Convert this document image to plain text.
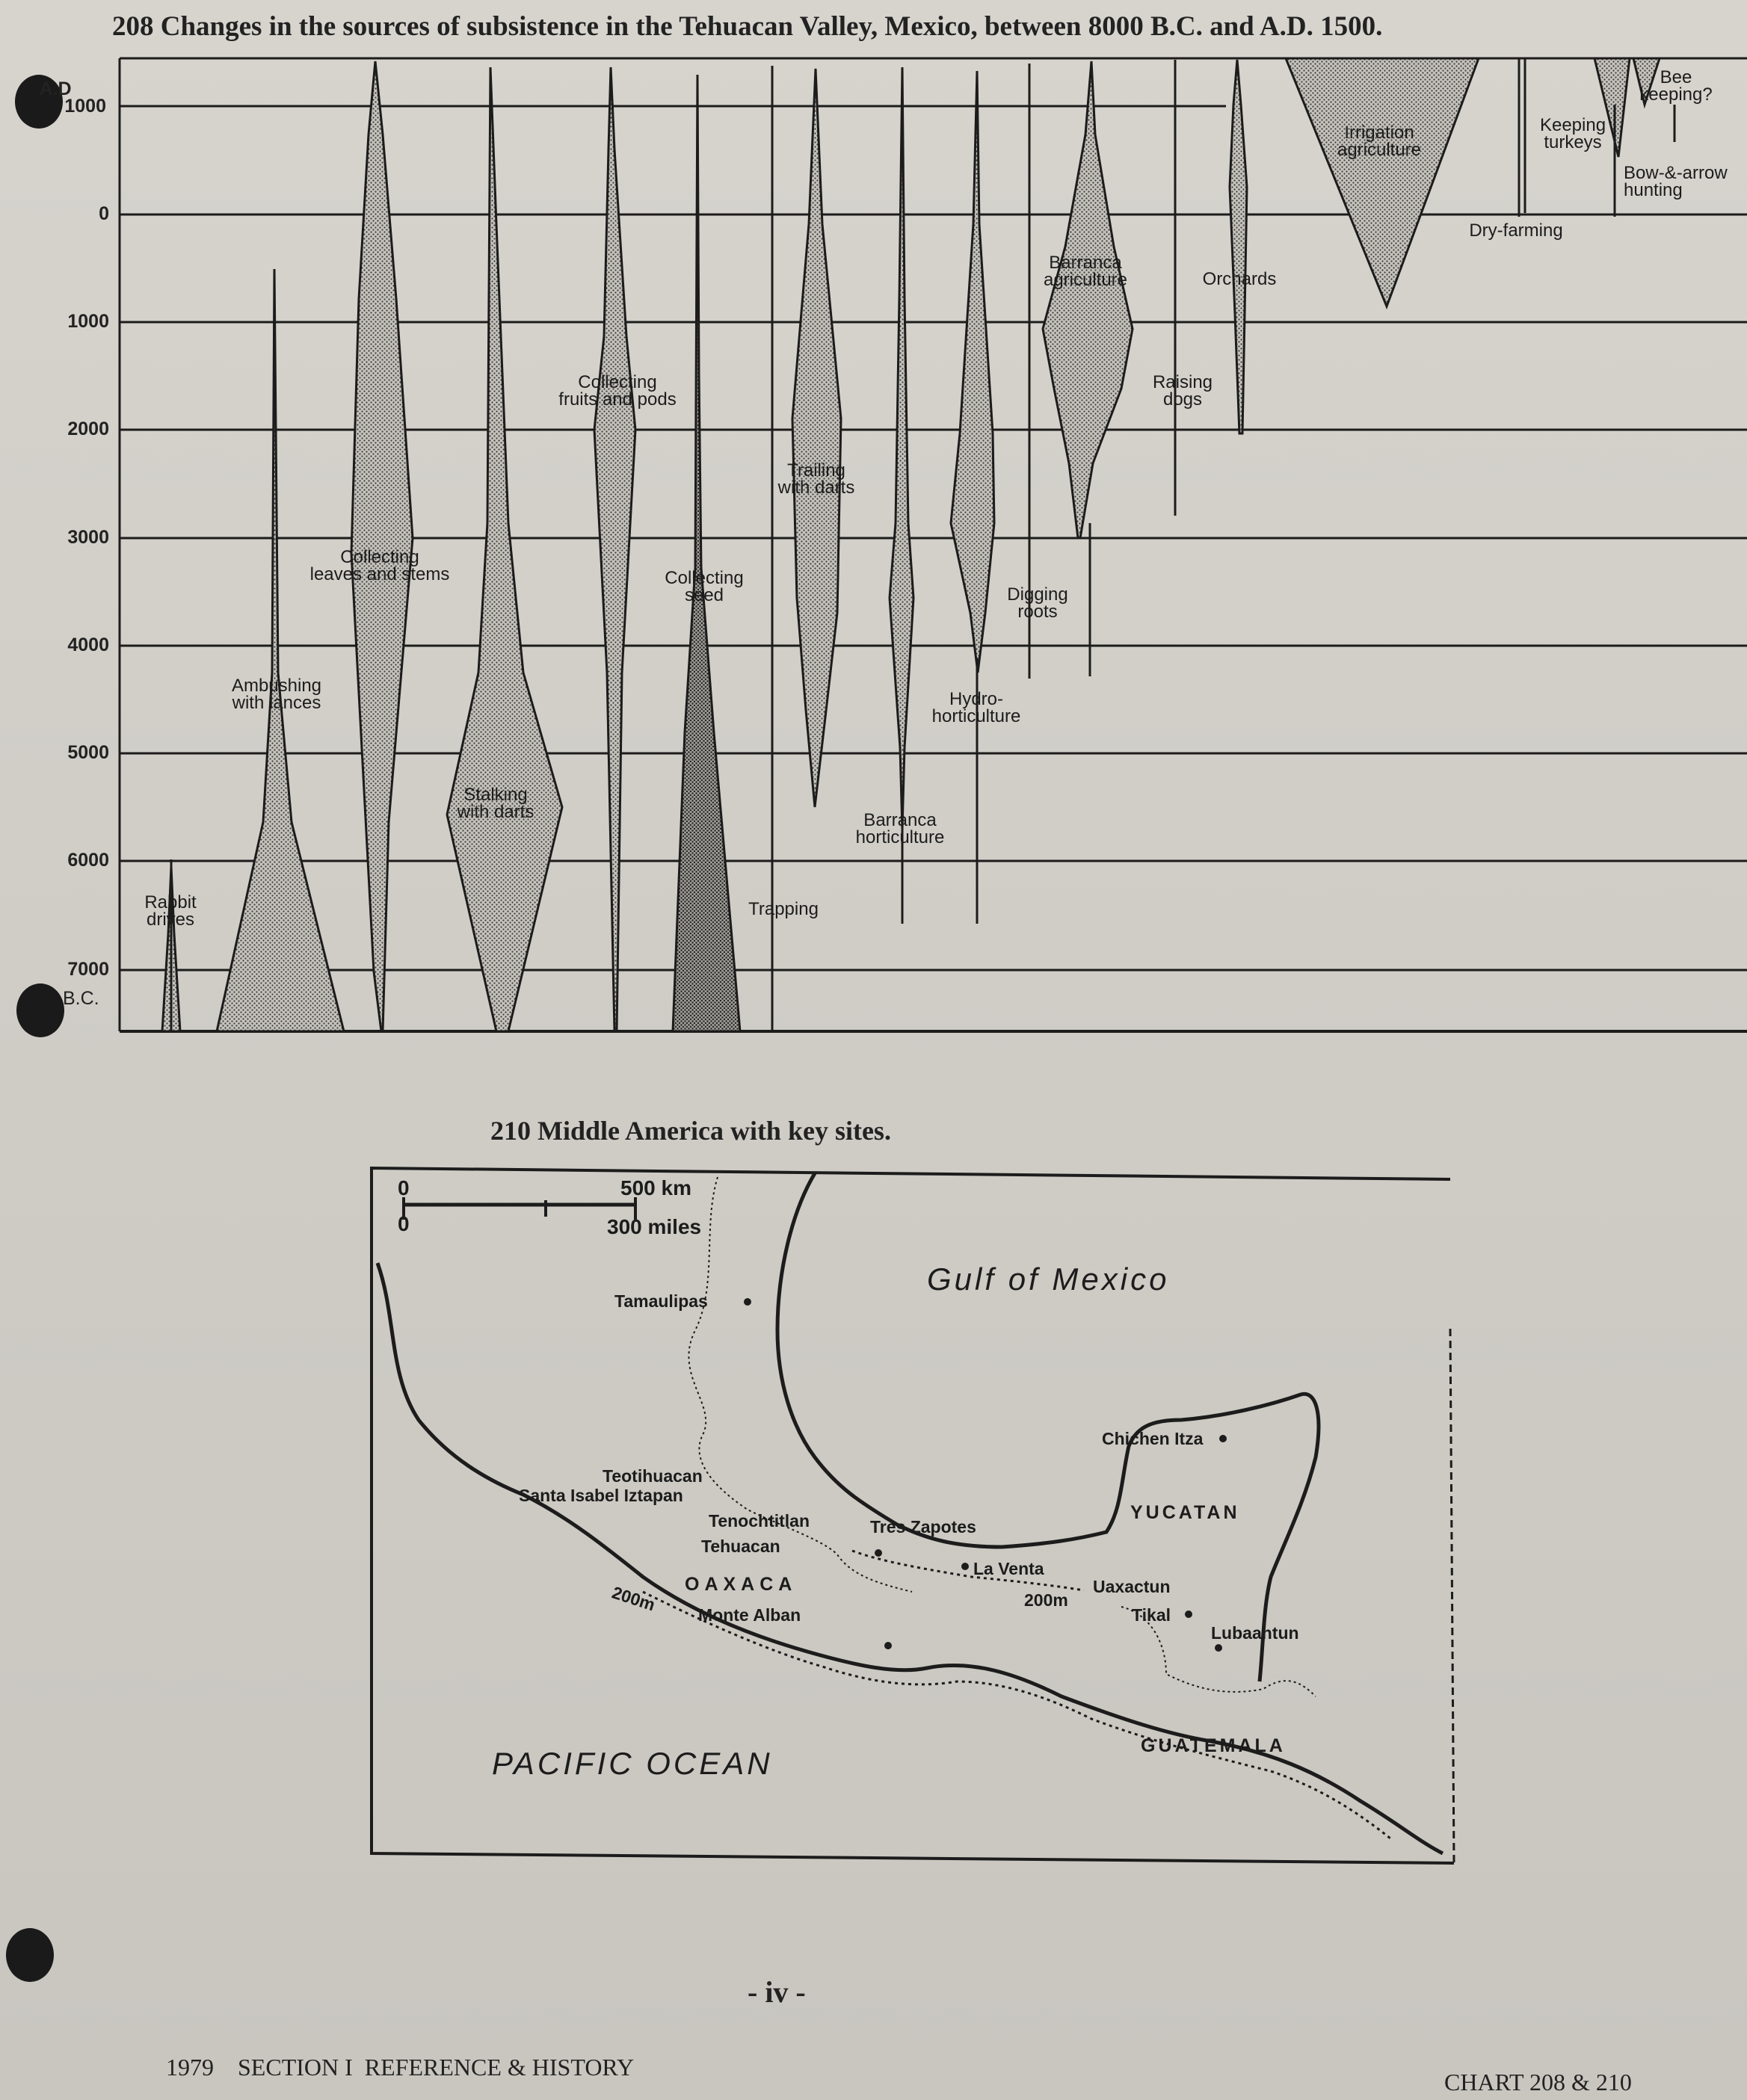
208 Changes in the sources of subsistence in the Tehuacan Valley, Mexico, between 8000 B.C. and A.D. 1500.
A.D
1000
0
1000
2000
3000
4000
5000
6000
7000
B.C.
Rabbit
drives
Ambushing
with lances
Collecting
leaves and stems
Stalking
with darts
Collecting
fruits and pods
Collecting
seed
Trapping
Trailing
with darts
Barranca
horticulture
Hydro-
horticulture
Digging
roots
Barranca
agriculture
Raising
dogs
Orchards
Irrigation
agriculture
Dry-farming
Keeping
turkeys
Bow-&-arrow
hunting
Bee
keeping?
210 Middle America with key sites.
0
0
500 km
300 miles
Gulf of Mexico
PACIFIC OCEAN
Tamaulipas
Teotihuacan
Santa Isabel Iztapan
Tenochtitlan
Tehuacan
OAXACA
Monte Alban
200m
Tres Zapotes
La Venta
200m
Chichen Itza
YUCATAN
Uaxactun
Tikal
Lubaantun
GUATEMALA
- iv -
1979    SECTION I  REFERENCE & HISTORY
CHART 208 & 210
